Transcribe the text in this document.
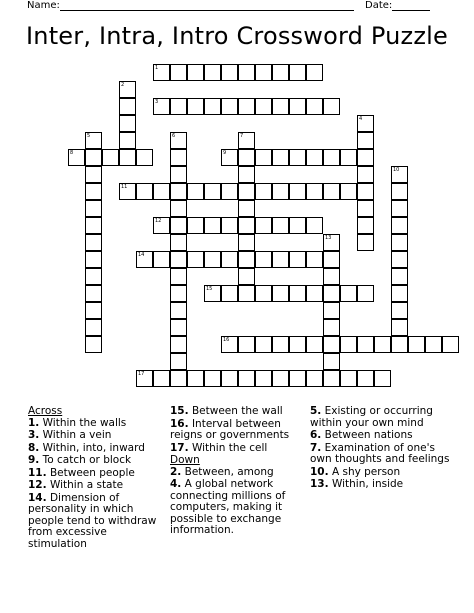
Name:	Date:
Inter, Intra, Intro Crossword Puzzle
1
2
3
4
5	6	7
8	9
10
11
12
13
14
15
16
17
Across
1. Within the walls
3. Within a vein
8. Within, into, inward
9. To catch or block
11. Between people
12. Within a state
14. Dimension of personality in which people tend to withdraw from excessive stimulation
15. Between the wall
16. Interval between reigns or governments
17. Within the cell
Down
2. Between, among
4. A global network connecting millions of computers, making it possible to exchange information.
5. Existing or occurring within your own mind
6. Between nations
7. Examination of one's own thoughts and feelings
10. A shy person
13. Within, inside
